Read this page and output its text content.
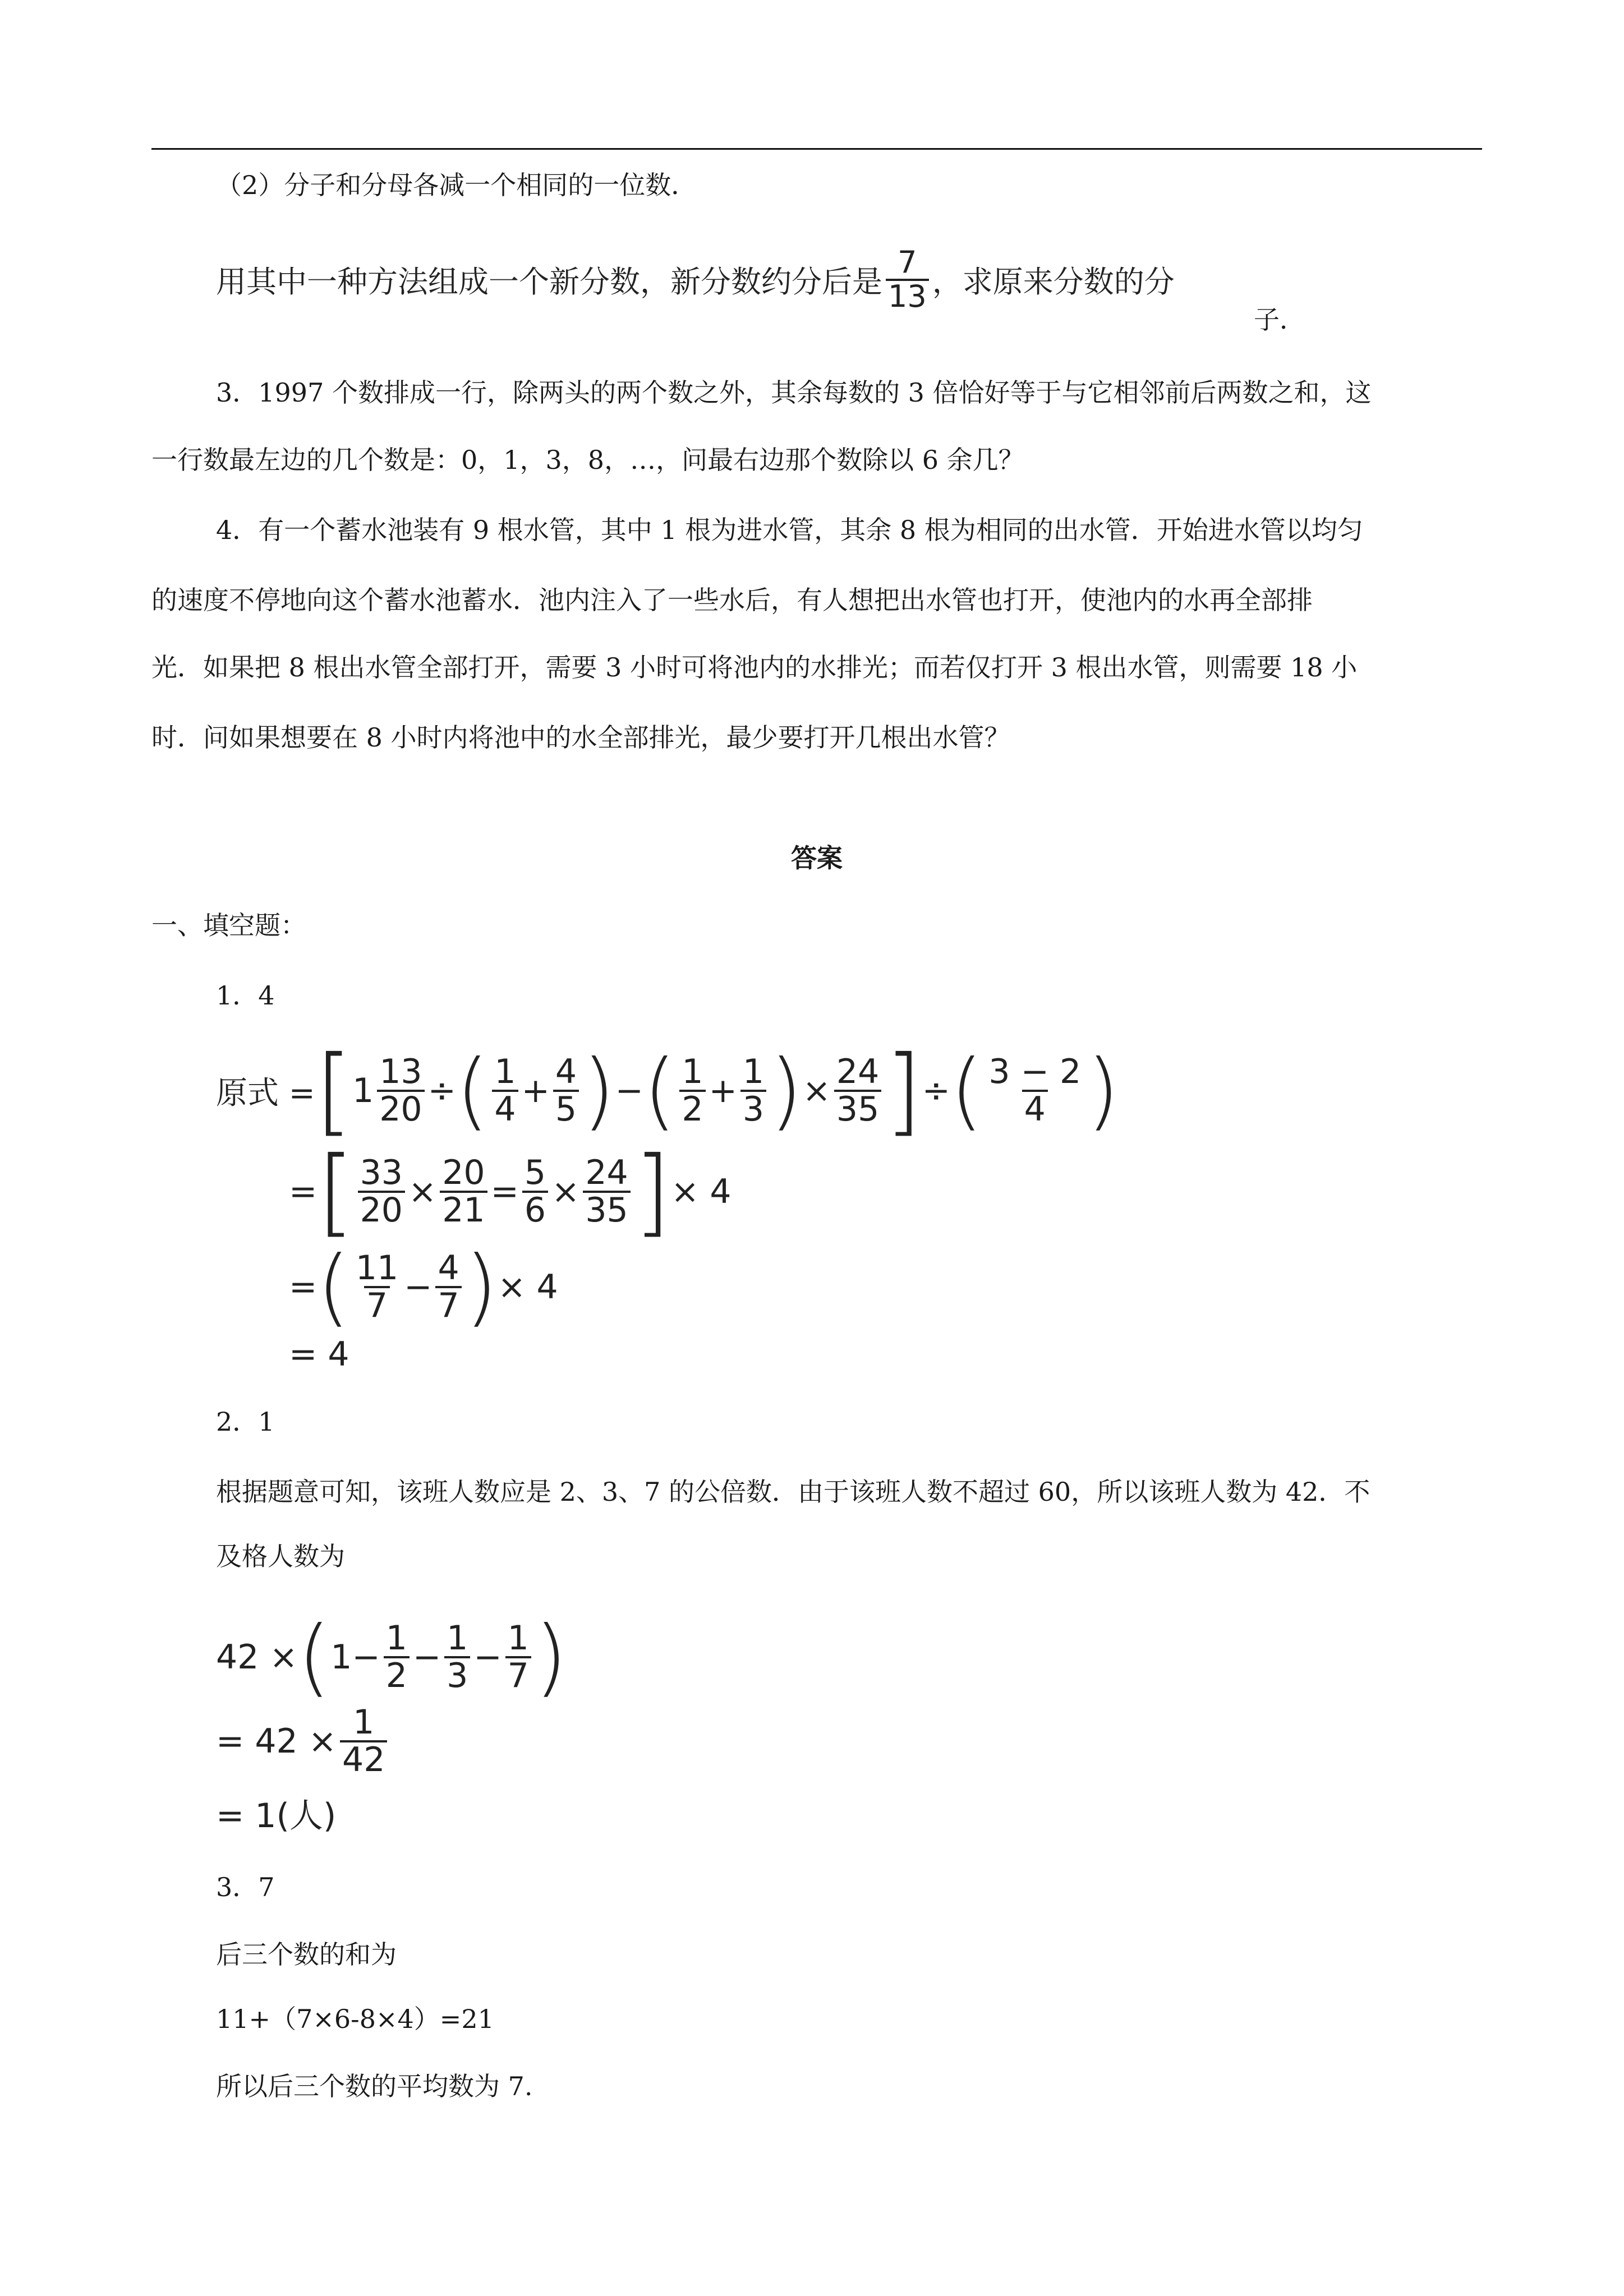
（2）分子和分母各减一个相同的一位数．
用其中一种方法组成一个新分数，新分数约分后是 $\frac{7}{13}$ ，求原来分数的分
子．
3．1997 个数排成一行，除两头的两个数之外，其余每数的 3 倍恰好等于与它相邻前后两数之和，这
一行数最左边的几个数是：0，1，3，8，…，问最右边那个数除以 6 余几？
4．有一个蓄水池装有 9 根水管，其中 1 根为进水管，其余 8 根为相同的出水管．开始进水管以均匀
的速度不停地向这个蓄水池蓄水．池内注入了一些水后，有人想把出水管也打开，使池内的水再全部排
光．如果把 8 根出水管全部打开，需要 3 小时可将池内的水排光；而若仅打开 3 根出水管，则需要 18 小
时．问如果想要在 8 小时内将池中的水全部排光，最少要打开几根出水管？
答案
一、填空题：
1．4
原式 = [ $1 \frac{13}{20}$ ÷ ( $\frac{1}{4} + \frac{4}{5}$ ) − ( $\frac{1}{2} + \frac{1}{3}$ ) × $\frac{24}{35}$ ] ÷ ( $\frac{3 - 2}{4}$ )
= [ $\frac{33}{20} \times \frac{20}{21} = \frac{5}{6} \times \frac{24}{35}$ ] × 4
= ( $\frac{11}{7} - \frac{4}{7}$ ) × 4
= 4
2．1
根据题意可知，该班人数应是 2、3、7 的公倍数．由于该班人数不超过 60，所以该班人数为 42．不
及格人数为
42 × ( $1 - \frac{1}{2} - \frac{1}{3} - \frac{1}{7}$ )
= $42 \times \frac{1}{42}$
= 1(人)
3．7
后三个数的和为
11+（7×6-8×4）=21
所以后三个数的平均数为 7.
